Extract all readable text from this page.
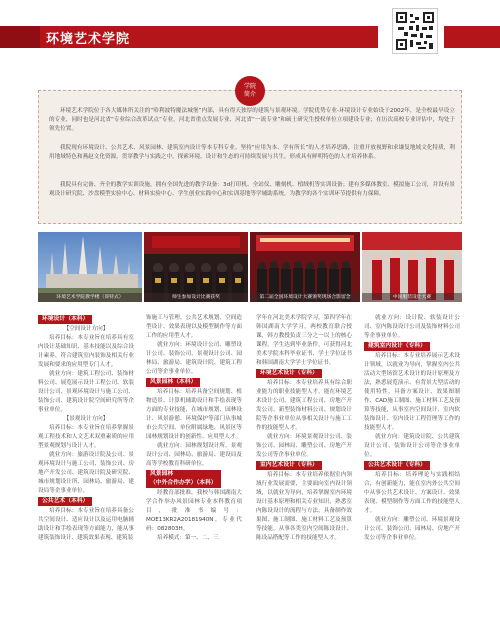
环境艺术学院

环境艺术学院位于各大媒体所关注的“哈利波特魔法城堡”内部，具有得天独厚的建筑与景观环境。学院优势专业-环境设计专业始设于2002年，是全校最早设立的专业，同时也是河北省“专业综合改革试点”专业，河北省重点发展专业、河北省“一流专业”和硕士研究生授权单位立项建设专业；在历次高校专业评估中，均处于领先位置。

我院现有环境设计、公共艺术、风景园林、建筑室内设计等本专科专业。坚持“应用为本、学有所长”的人才培养思路，注重开放视野和求谦复地域文化特质，利用地域特色和燕赵文化资源，贯穿教学与实践之中，探索环境、设计和生态的可持续发展与共生，形成具有鲜明特色的人才培养体系。

我院具有完备、齐全的教学实训设施，拥有全国先进的教学设备：3d打印机、全站仪、雕刻机、植绒机等实训设备；建有多媒体教室、模拟施工公司，并设有景观设计研究院、沙盘模型实验中心、材料实验中心、学生创业实践中心和实训基地等学辅助系统，为教学的各个实训环节提供有力保障。

学院
简介
环境艺术学院教学楼（哥特式）	师生参加设计比赛获奖	第二届全国环境设计大赛颁奖现场合影留念	中国服装设计大赛
环境设计（本科）
【空间设计方向】

培养目标：本专业旨在培养具有室内设计基础知识、基本技能以及综合设计素养，符合建筑室内装饰及相关行业发展和要求的应用型专门人才。

就业方向：建筑工程公司、装饰材料公司、展览展示设计工程公司、软装设计公司、景观环境设计与施工公司、装饰公司、建筑设计院空间研究所等企事业单位。

【景观设计方向】

培养目标：本专业旨在培养掌握景观工程技术和人文艺术双重素质的应用型景观规划与设计人才。

就业方向：旅游设计院及公司、景观环境设计与施工公司、装饰公司、房地产开发公司、建筑设计院及研究院、城市规划设计所、园林局、旅游局、建设局等企事业单位。

公共艺术（本科）

培养目标：本专业旨在培养具备公共空间设计、适应设计以及运用电脑辅助设计和手绘表现等方面能力，能从事建筑装饰设计、建筑效果表现、建筑装

饰施工与管理、公共艺术规划、空间造型设计、效果表现以及模型制作等方面工作的应用型人才。

就业方向：环境设计公司、雕塑设计公司、装饰公司、景观设计公司、园林局、旅游局、建筑设计院、建筑工程公司等企事业单位。

风景园林（本科）

培养目标：培养具备空间规划、植物造景、计算机辅助设计和手绘表现等方面的专业技能，在城市规划、园林设计、风景游憩、环境保护等部门从事城市公共空间、单位附属绿地、风景区等园林规划设计的创新性、应用型人才。

就业方向：园林规划设计所、景观设计公司、园林局、旅游局、建设局及高等学校教育科研单位。

风景园林
（中外合作办学）（本科）

经教育部批准，我校与韩国湖南大学合作举办风景园林专业本科教育项目，批准书编号：MOE13KR2A20181940N，专业代码：082803H。

培养模式：第一、二、三

学年在河北美术学院学习，第四学年在韩国湖南大学学习。两校教育联合授课，韩方教授负责三分之一以上的核心课程。学生达到毕业条件，可获得河北美术学院本科毕业证书、学士学位证书和韩国湖南大学学士学位证书。

环境艺术设计（专科）

培养目标：本专业培养具有综合职业能力的职业技能型人才，能在环境艺术设计公司、建筑工程公司、房地产开发公司、新型装饰材料公司、规划设计院等企事业单位从事相关设计与施工工作的技能型人才。

就业方向：环境景观设计公司、装饰公司、园林局、雕塑公司、房地产开发公司等企事业单位。

室内艺术设计（专科）

培养目标：本专业培养依据室内领域行业发展需要，主要面向室内设计领域，以就业为导向，培养掌握室内环境设计基本原理和相关专业知识，熟悉室内陈设设计的流程与方法，具备制作效果图、施工制图、施工材料工艺及预算等技能，从事各类室内空间陈设设计、陈设品搭配等工作的技能型人才。

就业方向：设计院、软装设计公司、室内陈设设计公司及装饰材料公司等企事业单位。

建筑室内设计（专科）

培养目标：本专业培养展示艺术设计领域，以就业为导向，掌握室内公共活动大型场馆艺术设计的设计原理及方法，熟悉展览演示、有背景大型活动的使用特性，具备方案设计、效果图制作、CAD施工制图、施工材料工艺及预算等技能，从事室内空间设计、室内软装饰设计、室内设计工程管理等工作的技能型人才。

就业方向：建筑设计院、公共建筑设计公司、装饰设计公司等企事业单位。

公共艺术设计（专科）

培养目标：培养理论与实践相结合，有创新能力，能在室内外公共空间中从事公共艺术设计、方案设计、效果表现、模型制作等方面工作的技能型人才。

就业方向：雕塑公司、环境景观设计公司、装饰公司、园林局、房地产开发公司等企事业单位。
